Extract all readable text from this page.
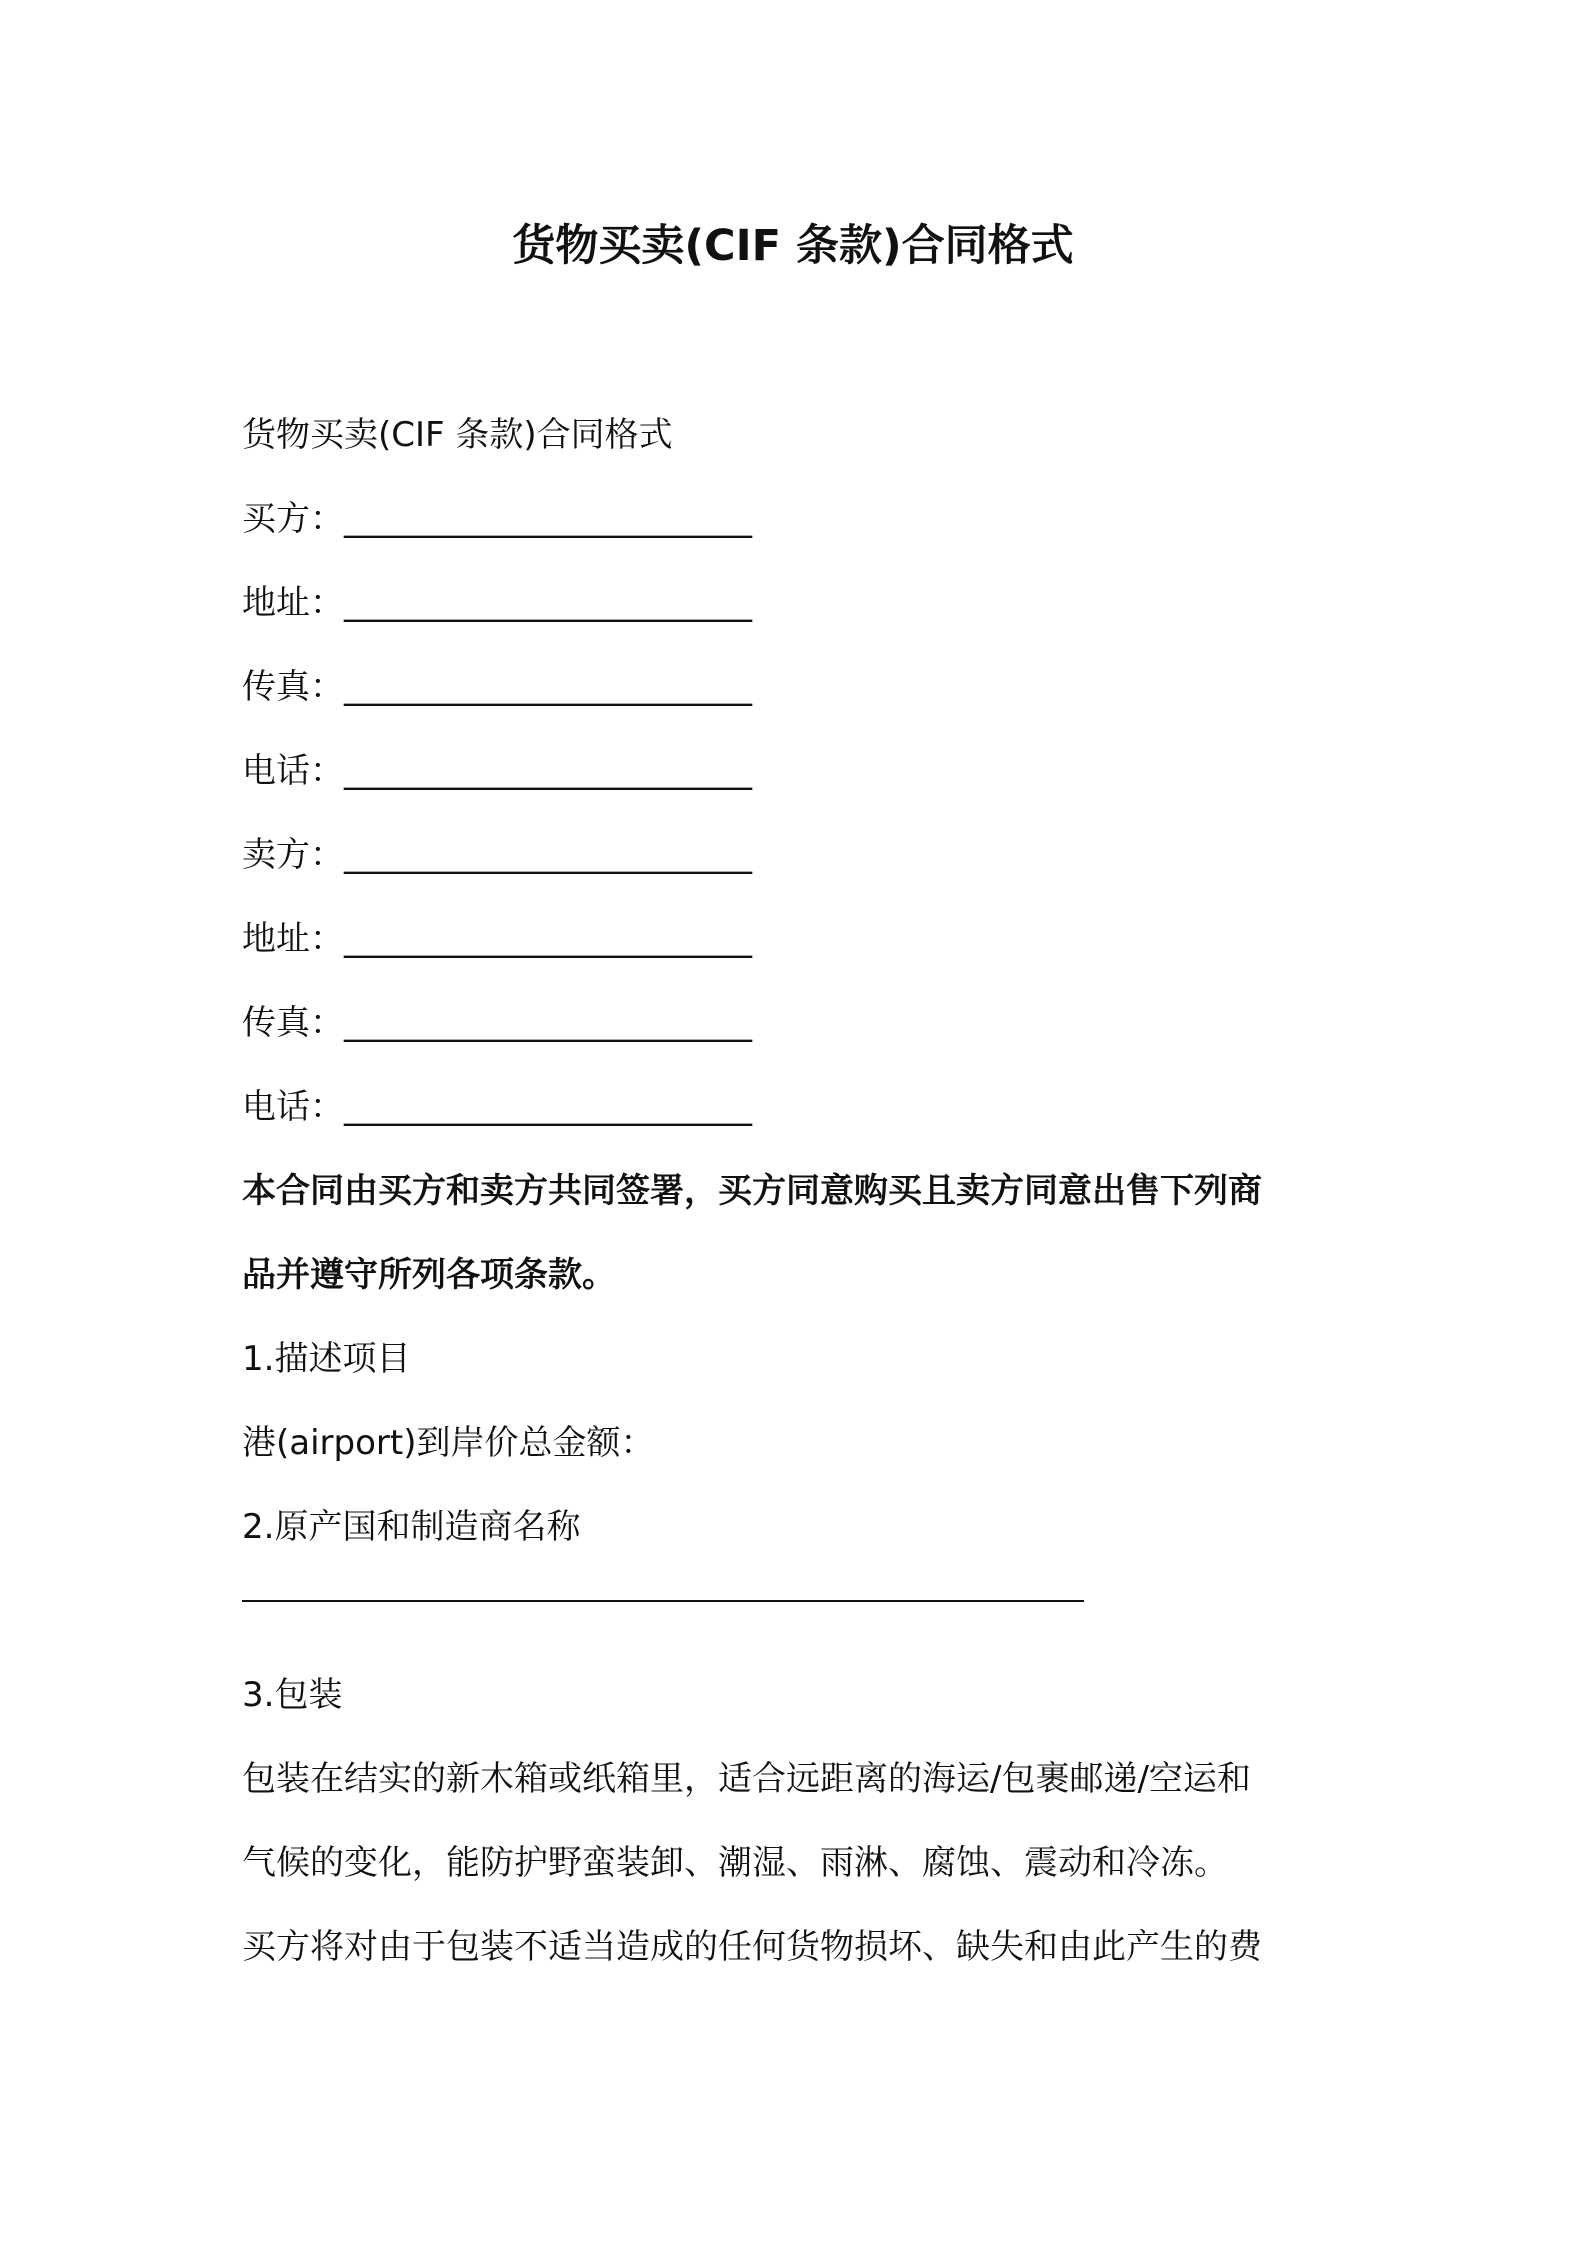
货物买卖(CIF 条款)合同格式
货物买卖(CIF 条款)合同格式
买方：________________________
地址：________________________
传真：________________________
电话：________________________
卖方：________________________
地址：________________________
传真：________________________
电话：________________________
本合同由买方和卖方共同签署，买方同意购买且卖方同意出售下列商
品并遵守所列各项条款。
1.描述项目
港(airport)到岸价总金额：
2.原产国和制造商名称
3.包装
包装在结实的新木箱或纸箱里，适合远距离的海运/包裹邮递/空运和
气候的变化，能防护野蛮装卸、潮湿、雨淋、腐蚀、震动和冷冻。
买方将对由于包装不适当造成的任何货物损坏、缺失和由此产生的费
